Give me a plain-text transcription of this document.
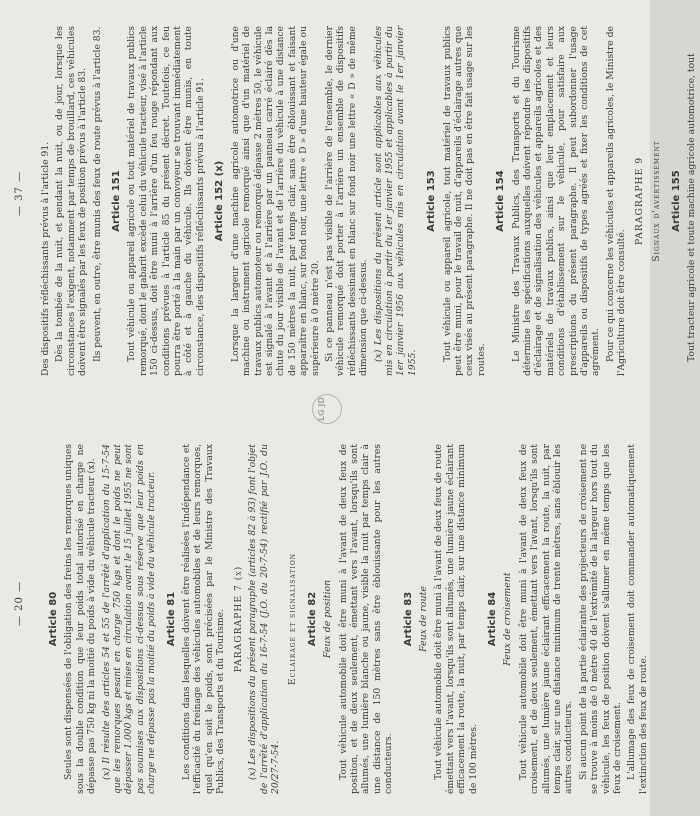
— 20 —
— 37 —
Article 80 Seules sont dispensées de l'obligation des freins les remorques uniques sous la double condition que leur poids total autorisé en charge ne dépasse pas 750 kg ni la moitié du poids à vide du véhicule tracteur (x). (x) Il résulte des articles 54 et 55 de l'arrêté d'application du 15-7-54 que les remorques pesant en charge 750 kgs et dont le poids ne peut dépasser 1.000 kgs et mises en circulation avant le 15 juillet 1955 ne sont pas soumises aux dispositions ci-dessus sous réserve que leur poids en charge ne dépasse pas la moitié du poids à vide du véhicule tracteur. Article 81 Les conditions dans lesquelles doivent être réalisées l'indépendance et l'efficacité du freinage des véhicules automobiles et de leurs remorques, quel qu'en soit le poids, sont précisées par le Ministre des Travaux Publics, des Transports et du Tourisme. PARAGRAPHE 7 (x) (x) Les dispositions du présent paragraphe (articles 82 à 93) font l'objet de l'arrêté d'application du 16-7-54 (J.O. du 20-7-54) rectifié par J.O. du 20/27-7-54.

Eclairage et signalisation Article 82 Feux de position Tout véhicule automobile doit être muni à l'avant de deux feux de position, et de deux seulement, émettant vers l'avant, lorsqu'ils sont allumés, une lumière blanche ou jaune, visible la nuit par temps clair à une distance de 150 mètres sans être éblouissante pour les autres conducteurs.

Article 83 Feux de route Tout véhicule automobile doit être muni à l'avant de deux feux de route émettant vers l'avant, lorsqu'ils sont allumés, une lumière jaune éclairant efficacement la route, la nuit, par temps clair, sur une distance minimum de 100 mètres.

Article 84 Feux de croisement Tout véhicule automobile doit être muni à l'avant de deux feux de croisement, et de deux seulement, émettant vers l'avant, lorsqu'ils sont allumés, une lumière jaune éclairant efficacement la route, la nuit, par temps clair, sur une distance minimum de trente mètres, sans éblouir les autres conducteurs. Si aucun point de la partie éclairante des projecteurs de croisement ne se trouve à moins de 0 mètre 40 de l'extrémité de la largeur hors tout du véhicule, les feux de position doivent s'allumer en même temps que les feux de croisement. L'allumage des feux de croisement doit commander automatiquement l'extinction des feux de route.

LG JD

Des dispositifs réfléchissants prévus à l'article 91. Dès la tombée de la nuit, et pendant la nuit, ou de jour, lorsque les circonstances l'exigent, notamment par temps de brouillard, ces véhicules doivent être signalés par les feux de position prévus à l'article 83. Ils peuvent, en outre, être munis des feux de route prévus à l'article 83. Article 151 Tout véhicule ou appareil agricole ou tout matériel de travaux publics remorqué, dont le gabarit excède celui du véhicule tracteur, visé à l'article 150 ci-dessus, doit être muni à l'arrière d'un feu rouge répondant aux conditions prévues à l'article 85 du présent décret. Toutefois, ce feu pourra être porté à la main par un convoyeur se trouvant immédiatement à côté et à gauche du véhicule. Ils doivent être munis, en toute circonstance, des dispositifs réfléchissants prévus à l'article 91. Article 152 (x) Lorsque la largeur d'une machine agricole automotrice ou d'une machine ou instrument agricole remorqué ainsi que d'un matériel de travaux publics automoteur ou remorqué dépasse 2 mètres 50, le véhicule est signalé à l'avant et à l'arrière par un panneau carré éclairé dès la chute du jour visible de l'avant et de l'arrière du véhicule à une distance de 150 mètres la nuit, par temps clair, sans être éblouissant et faisant apparaître en blanc, sur fond noir, une lettre « D » d'une hauteur égale ou supérieure à 0 mètre 20. Si ce panneau n'est pas visible de l'arrière de l'ensemble, le dernier véhicule remorqué doit porter à l'arrière un ensemble de dispositifs réfléchissants dessinant en blanc sur fond noir une lettre « D » de même dimension que ci-dessus. (x) Les dispositions du présent article sont applicables aux véhicules mis en circulation à partir du 1er janvier 1955 et applicables à partir du 1er janvier 1956 aux véhicules mis en circulation avant le 1er janvier 1955.

Article 153 Tout véhicule ou appareil agricole, tout matériel de travaux publics peut être muni, pour le travail de nuit, d'appareils d'éclairage autres que ceux visés au présent paragraphe. Il ne doit pas en être fait usage sur les routes.

Article 154 Le Ministre des Travaux Publics, des Transports et du Tourisme détermine les spécifications auxquelles doivent répondre les dispositifs d'éclairage et de signalisation des véhicules et appareils agricoles et des matériels de travaux publics, ainsi que leur emplacement et leurs conditions d'établissement sur le véhicule, pour satisfaire aux prescriptions du présent paragraphe. Il peut subordonner l'usage d'appareils ou dispositifs de types agréés et fixer les conditions de cet agrément. Pour ce qui concerne les véhicules et appareils agricoles, le Ministre de l'Agriculture doit être consulté.

PARAGRAPHE 9 Signaux d'avertissement Article 155 Tout tracteur agricole et toute machine agricole automotrice, tout
